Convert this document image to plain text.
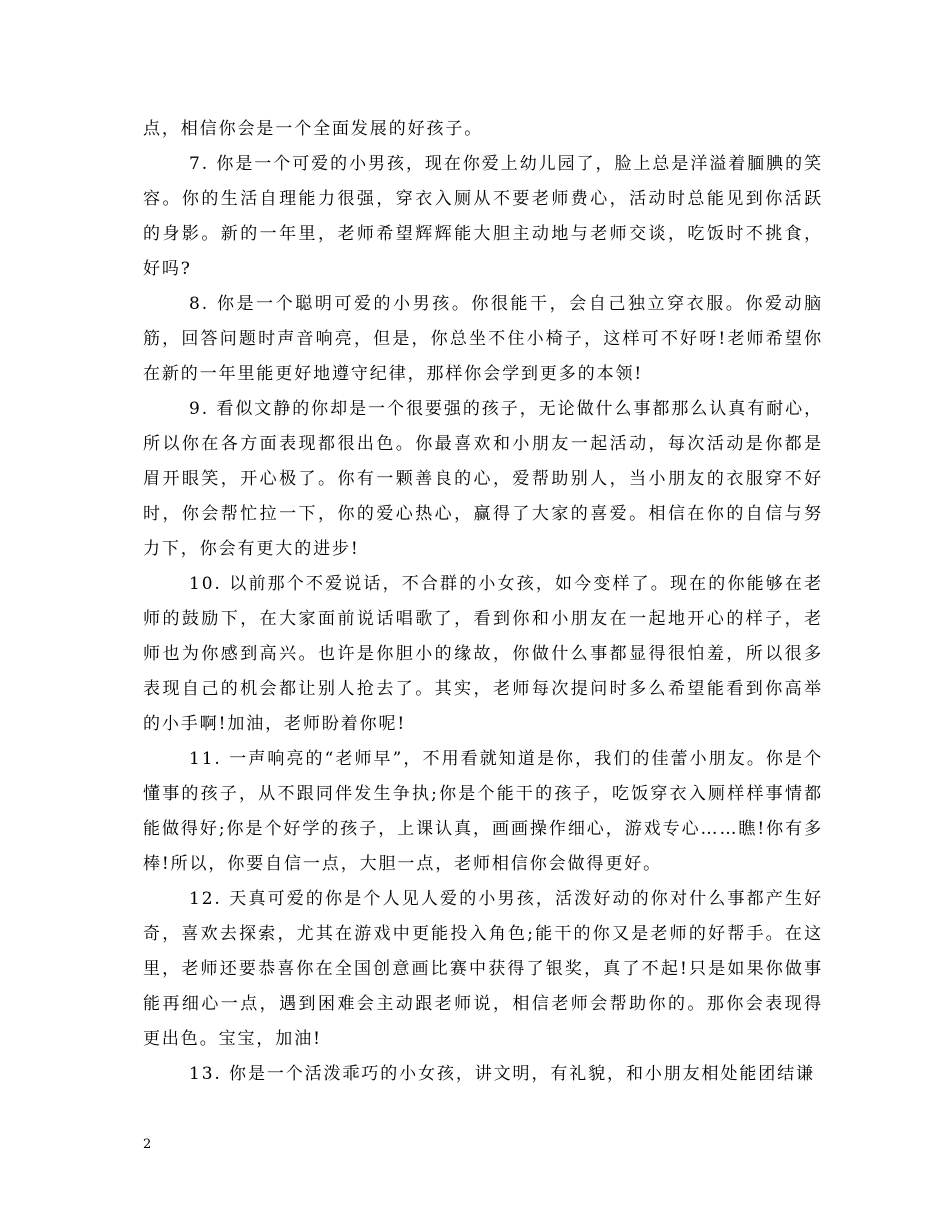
点，相信你会是一个全面发展的好孩子。

7. 你是一个可爱的小男孩，现在你爱上幼儿园了，脸上总是洋溢着腼腆的笑容。你的生活自理能力很强，穿衣入厕从不要老师费心，活动时总能见到你活跃的身影。新的一年里，老师希望辉辉能大胆主动地与老师交谈，吃饭时不挑食，好吗?

8. 你是一个聪明可爱的小男孩。你很能干，会自己独立穿衣服。你爱动脑筋，回答问题时声音响亮，但是，你总坐不住小椅子，这样可不好呀!老师希望你在新的一年里能更好地遵守纪律，那样你会学到更多的本领!

9. 看似文静的你却是一个很要强的孩子，无论做什么事都那么认真有耐心，所以你在各方面表现都很出色。你最喜欢和小朋友一起活动，每次活动是你都是眉开眼笑，开心极了。你有一颗善良的心，爱帮助别人，当小朋友的衣服穿不好时，你会帮忙拉一下，你的爱心热心，赢得了大家的喜爱。相信在你的自信与努力下，你会有更大的进步!

10. 以前那个不爱说话，不合群的小女孩，如今变样了。现在的你能够在老师的鼓励下，在大家面前说话唱歌了，看到你和小朋友在一起地开心的样子，老师也为你感到高兴。也许是你胆小的缘故，你做什么事都显得很怕羞，所以很多表现自己的机会都让别人抢去了。其实，老师每次提问时多么希望能看到你高举的小手啊!加油，老师盼着你呢!

11. 一声响亮的“老师早”，不用看就知道是你，我们的佳蕾小朋友。你是个懂事的孩子，从不跟同伴发生争执;你是个能干的孩子，吃饭穿衣入厕样样事情都能做得好;你是个好学的孩子，上课认真，画画操作细心，游戏专心……瞧!你有多棒!所以，你要自信一点，大胆一点，老师相信你会做得更好。

12. 天真可爱的你是个人见人爱的小男孩，活泼好动的你对什么事都产生好奇，喜欢去探索，尤其在游戏中更能投入角色;能干的你又是老师的好帮手。在这里，老师还要恭喜你在全国创意画比赛中获得了银奖，真了不起!只是如果你做事能再细心一点，遇到困难会主动跟老师说，相信老师会帮助你的。那你会表现得更出色。宝宝，加油!

13. 你是一个活泼乖巧的小女孩，讲文明，有礼貌，和小朋友相处能团结谦

2
